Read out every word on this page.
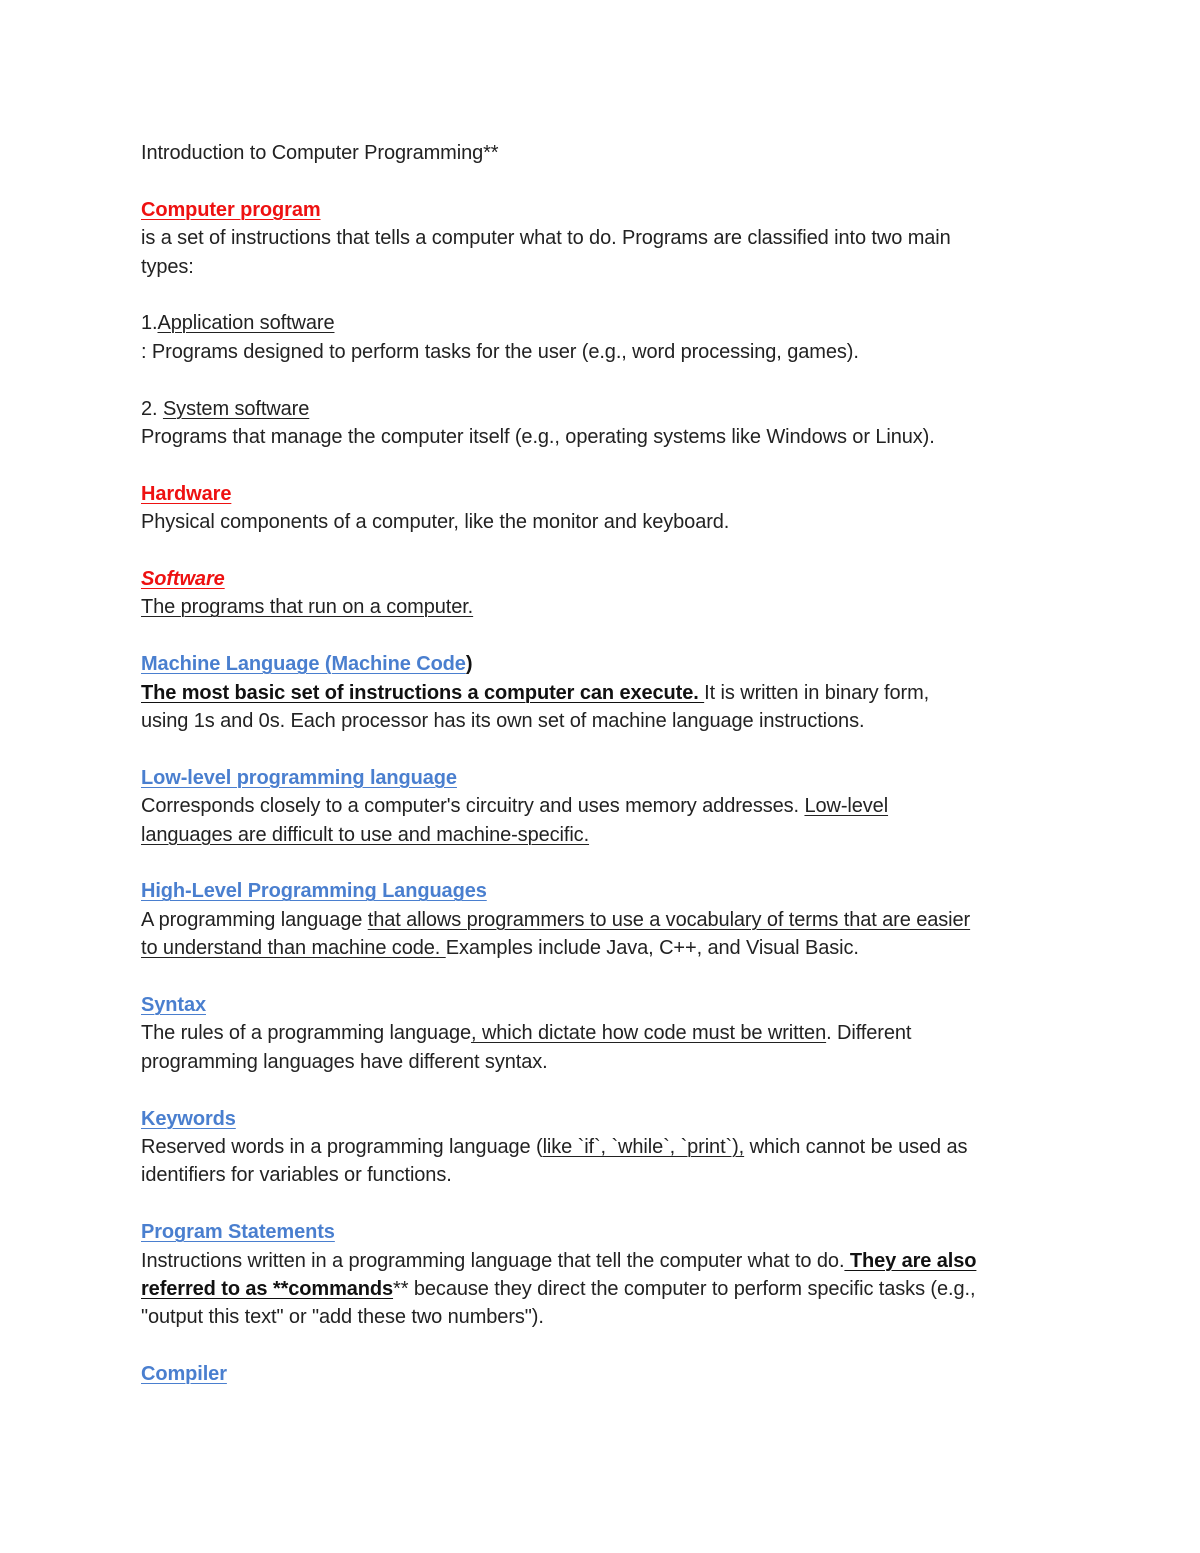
Introduction to Computer Programming**
Computer program
is a set of instructions that tells a computer what to do. Programs are classified into two main
types:
1.Application software
: Programs designed to perform tasks for the user (e.g., word processing, games).
2. System software
Programs that manage the computer itself (e.g., operating systems like Windows or Linux).
Hardware
Physical components of a computer, like the monitor and keyboard.
Software
The programs that run on a computer.
Machine Language (Machine Code)
The most basic set of instructions a computer can execute. It is written in binary form,
using 1s and 0s. Each processor has its own set of machine language instructions.
Low-level programming language
Corresponds closely to a computer's circuitry and uses memory addresses. Low-level
languages are difficult to use and machine-specific.
High-Level Programming Languages
A programming language that allows programmers to use a vocabulary of terms that are easier
to understand than machine code. Examples include Java, C++, and Visual Basic.
Syntax
The rules of a programming language, which dictate how code must be written. Different
programming languages have different syntax.
Keywords
Reserved words in a programming language (like `if`, `while`, `print`), which cannot be used as
identifiers for variables or functions.
Program Statements
Instructions written in a programming language that tell the computer what to do. They are also
referred to as **commands** because they direct the computer to perform specific tasks (e.g.,
"output this text" or "add these two numbers").
Compiler
